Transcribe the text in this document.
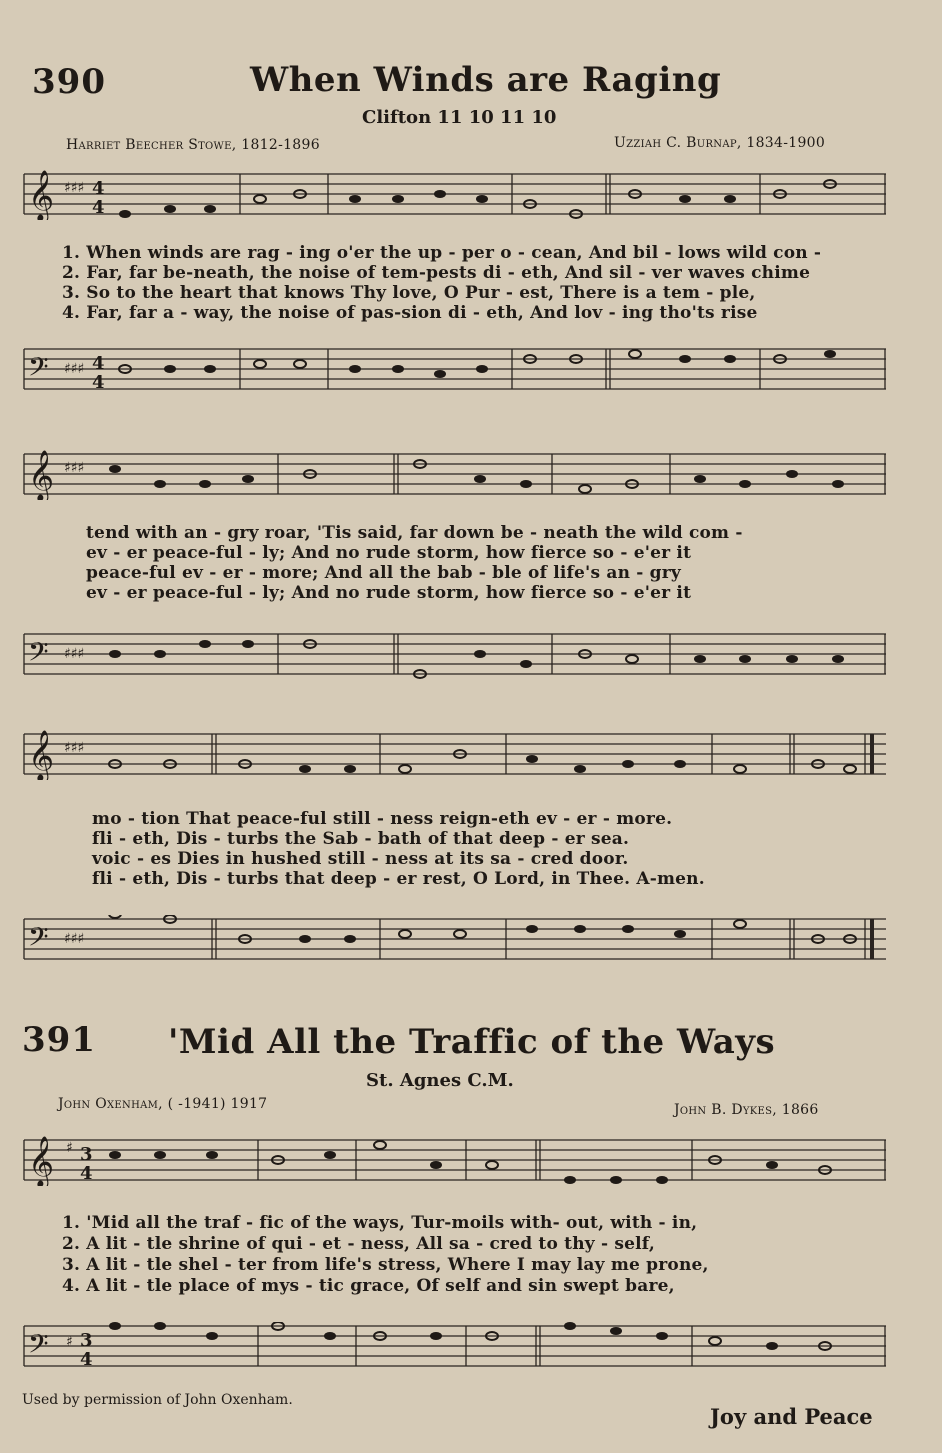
390	When Winds are Raging
Clifton 11 10 11 10
Harriet Beecher Stowe, 1812-1896	Uzziah C. Burnap, 1834-1900
𝄞 ♯♯♯ 4
4
1. When winds are rag - ing o'er the up - per o - cean, And bil - lows wild con -
2. Far, far be-neath, the noise of tem-pests di - eth, And sil - ver waves chime
3. So to the heart that knows Thy love, O Pur - est, There is a tem - ple,
4. Far, far a - way, the noise of pas-sion di - eth, And lov - ing tho'ts rise
𝄢 ♯♯♯ 4
4
𝄞 ♯♯♯
tend with an - gry roar, 'Tis said, far down be - neath the wild com -
ev - er peace-ful - ly; And no rude storm, how fierce so - e'er it
peace-ful ev - er - more; And all the bab - ble of life's an - gry
ev - er peace-ful - ly; And no rude storm, how fierce so - e'er it
𝄢 ♯♯♯
𝄞 ♯♯♯
mo - tion That peace-ful still - ness reign-eth ev - er - more.
fli - eth, Dis - turbs the Sab - bath of that deep - er sea.
voic - es Dies in hushed still - ness at its sa - cred door.
fli - eth, Dis - turbs that deep - er rest, O Lord, in Thee. A-men.
𝄢 ♯♯♯
391 'Mid All the Traffic of the Ways
St. Agnes C.M.
John Oxenham, ( -1941) 1917	John B. Dykes, 1866
𝄞 ♯ 3
4
1. 'Mid all the traf - fic of the ways, Tur-moils with- out, with - in,
2. A lit - tle shrine of qui - et - ness, All sa - cred to thy - self,
3. A lit - tle shel - ter from life's stress, Where I may lay me prone,
4. A lit - tle place of mys - tic grace, Of self and sin swept bare,
𝄢 ♯ 3
4
Used by permission of John Oxenham.
Joy and Peace
